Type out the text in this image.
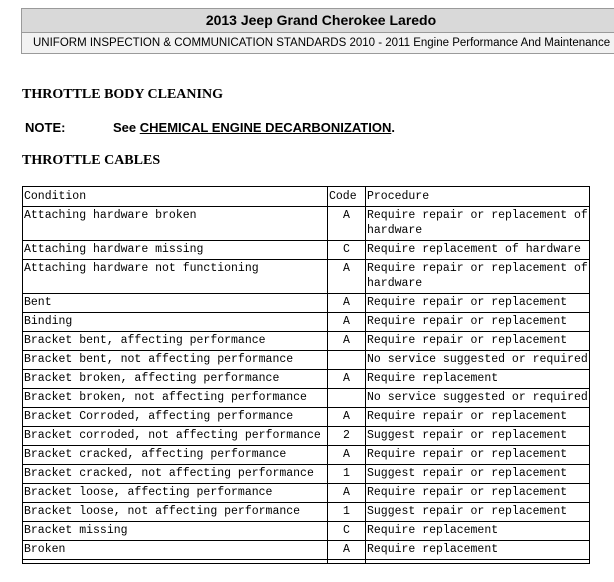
2013 Jeep Grand Cherokee Laredo
UNIFORM INSPECTION & COMMUNICATION STANDARDS 2010 - 2011 Engine Performance And Maintenance
THROTTLE BODY CLEANING
NOTE:	See CHEMICAL ENGINE DECARBONIZATION.
THROTTLE CABLES
Condition	Code	Procedure
Attaching hardware broken	A	Require repair or replacement of hardware
Attaching hardware missing	C	Require replacement of hardware
Attaching hardware not functioning	A	Require repair or replacement of hardware
Bent	A	Require repair or replacement
Binding	A	Require repair or replacement
Bracket bent, affecting performance	A	Require repair or replacement
Bracket bent, not affecting performance		No service suggested or required
Bracket broken, affecting performance	A	Require replacement
Bracket broken, not affecting performance		No service suggested or required
Bracket Corroded, affecting performance	A	Require repair or replacement
Bracket corroded, not affecting performance	2	Suggest repair or replacement
Bracket cracked, affecting performance	A	Require repair or replacement
Bracket cracked, not affecting performance	1	Suggest repair or replacement
Bracket loose, affecting performance	A	Require repair or replacement
Bracket loose, not affecting performance	1	Suggest repair or replacement
Bracket missing	C	Require replacement
Broken	A	Require replacement
